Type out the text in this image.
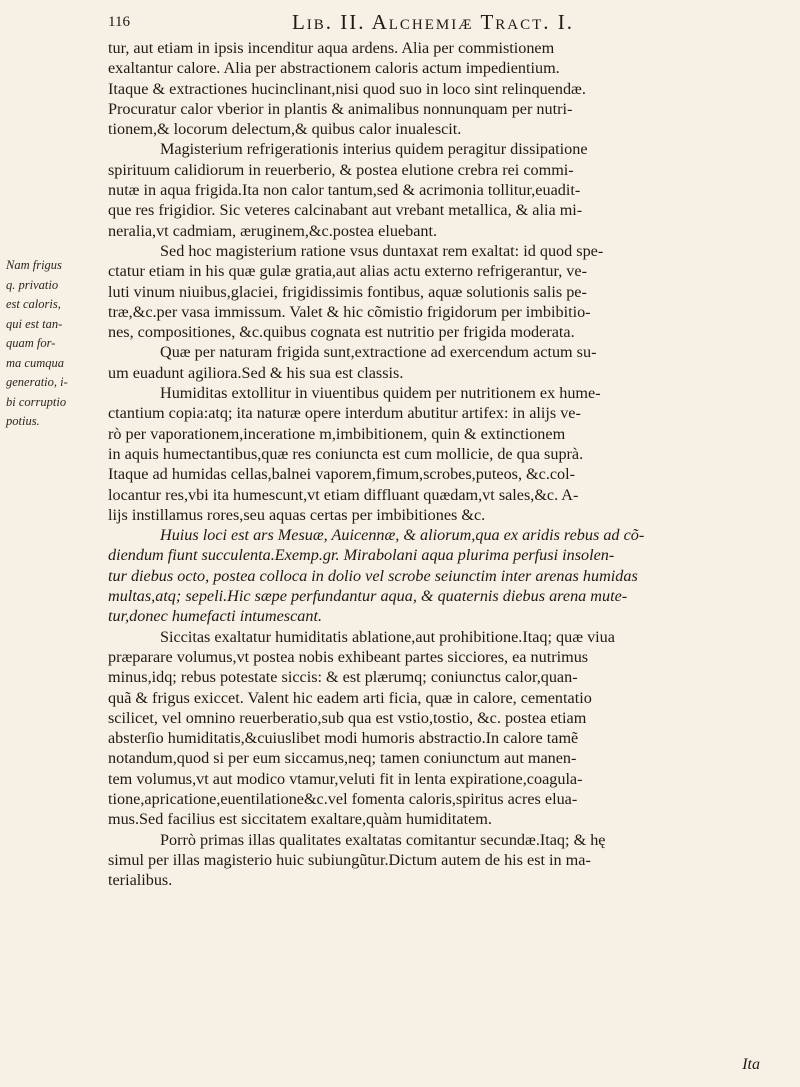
116	Lib. II. Alchemiæ Tract. I.
Nam frigus
q. privatio
est caloris,
qui est tan-
quam for-
ma cumqua
generatio, i-
bi corruptio
potius.

tur, aut etiam in ipsis incenditur aqua ardens. Alia per commistionem
exaltantur calore. Alia per abstractionem caloris actum impedientium.
Itaque & extractiones hucinclinant,nisi quod suo in loco sint relinquendæ.
Procuratur calor vberior in plantis & animalibus nonnunquam per nutri-
tionem,& locorum delectum,& quibus calor inualescit.

Magisterium refrigerationis interius quidem peragitur dissipatione
spirituum calidiorum in reuerberio, & postea elutione crebra rei commi-
nutæ in aqua frigida.Ita non calor tantum,sed & acrimonia tollitur,euadit-
que res frigidior. Sic veteres calcinabant aut vrebant metallica, & alia mi-
neralia,vt cadmiam, æruginem,&c.postea eluebant.

Sed hoc magisterium ratione vsus duntaxat rem exaltat: id quod spe-
ctatur etiam in his quæ gulæ gratia,aut alias actu externo refrigerantur, ve-
luti vinum niuibus,glaciei, frigidissimis fontibus, aquæ solutionis salis pe-
træ,&c.per vasa immissum. Valet & hic cõmistio frigidorum per imbibitio-
nes, compositiones, &c.quibus cognata est nutritio per frigida moderata.

Quæ per naturam frigida sunt,extractione ad exercendum actum su-
um euadunt agiliora.Sed & his sua est classis.

Humiditas extollitur in viuentibus quidem per nutritionem ex hume-
ctantium copia:atq; ita naturæ opere interdum abutitur artifex: in alijs ve-
rò per vaporationem,inceratione m,imbibitionem, quin & extinctionem
in aquis humectantibus,quæ res coniuncta est cum mollicie, de qua suprà.
Itaque ad humidas cellas,balnei vaporem,fimum,scrobes,puteos, &c.col-
locantur res,vbi ita humescunt,vt etiam diffluant quædam,vt sales,&c. A-
lijs instillamus rores,seu aquas certas per imbibitiones &c.

Huius loci est ars Mesuæ, Auicennæ, & aliorum,qua ex aridis rebus ad cõ-
diendum fiunt succulenta.Exemp.gr. Mirabolani aqua plurima perfusi insolen-
tur diebus octo, postea colloca in dolio vel scrobe seiunctim inter arenas humidas
multas,atq; sepeli.Hic sæpe perfundantur aqua, & quaternis diebus arena mute-
tur,donec humefacti intumescant.

Siccitas exaltatur humiditatis ablatione,aut prohibitione.Itaq; quæ viua
præparare volumus,vt postea nobis exhibeant partes sicciores, ea nutrimus
minus,idq; rebus potestate siccis: & est plærumq; coniunctus calor,quan-
quã & frigus exiccet. Valent hic eadem arti ficia, quæ in calore, cementatio
scilicet, vel omnino reuerberatio,sub qua est vstio,tostio, &c. postea etiam
absterſio humiditatis,&cuiuslibet modi humoris abstractio.In calore tamẽ
notandum,quod si per eum siccamus,neq; tamen coniunctum aut manen-
tem volumus,vt aut modico vtamur,veluti fit in lenta expiratione,coagula-
tione,apricatione,euentilatione&c.vel fomenta caloris,spiritus acres elua-
mus.Sed facilius est siccitatem exaltare,quàm humiditatem.

Porrò primas illas qualitates exaltatas comitantur secundæ.Itaq; & hę
simul per illas magisterio huic subiungũtur.Dictum autem de his est in ma-
terialibus.

Ita
